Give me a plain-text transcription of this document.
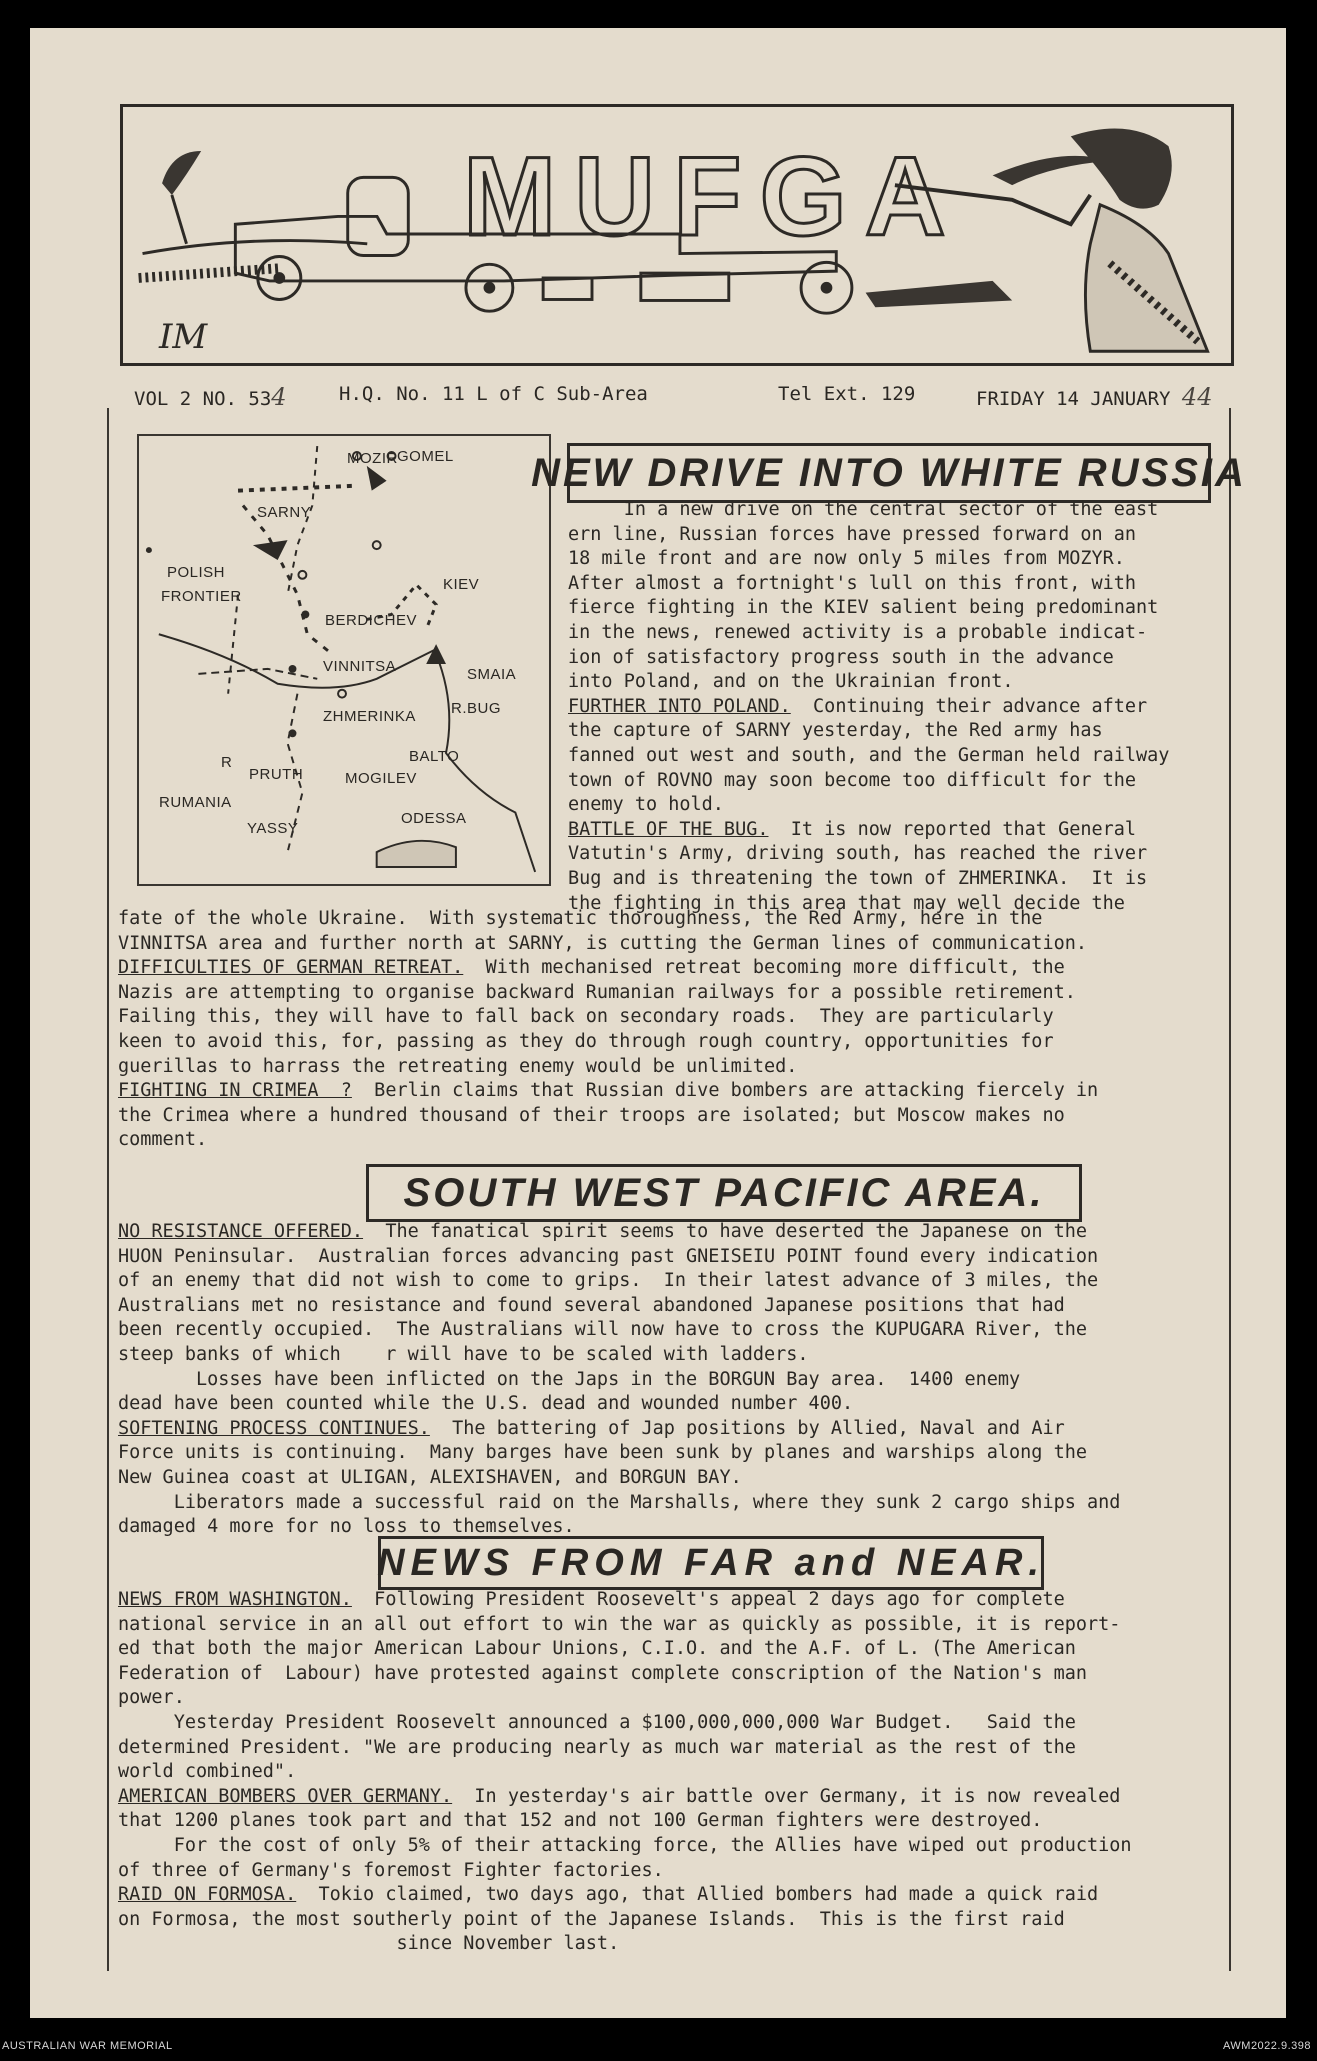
MUFGA
IM
VOL 2 NO. 534	H.Q. No. 11 L of C Sub-Area	Tel Ext. 129	FRIDAY 14 JANUARY 44
MOZIR GOMEL
SARNY
POLISH
FRONTIER
KIEV
BERDICHEV
VINNITSA	SMAIA
ZHMERINKA R.BUG
BALTO
R
PRUTH	MOGILEV
RUMANIA
YASSY
ODESSA
NEW DRIVE INTO WHITE RUSSIA
In a new drive on the central sector of the east
ern line, Russian forces have pressed forward on an
18 mile front and are now only 5 miles from MOZYR.
After almost a fortnight's lull on this front, with
fierce fighting in the KIEV salient being predominant
in the news, renewed activity is a probable indicat-
ion of satisfactory progress south in the advance
into Poland, and on the Ukrainian front.
FURTHER INTO POLAND.  Continuing their advance after
the capture of SARNY yesterday, the Red army has
fanned out west and south, and the German held railway
town of ROVNO may soon become too difficult for the
enemy to hold.
BATTLE OF THE BUG.  It is now reported that General
Vatutin's Army, driving south, has reached the river
Bug and is threatening the town of ZHMERINKA.  It is
the fighting in this area that may well decide the
fate of the whole Ukraine.  With systematic thoroughness, the Red Army, here in the
VINNITSA area and further north at SARNY, is cutting the German lines of communication.
DIFFICULTIES OF GERMAN RETREAT.  With mechanised retreat becoming more difficult, the
Nazis are attempting to organise backward Rumanian railways for a possible retirement.
Failing this, they will have to fall back on secondary roads.  They are particularly
keen to avoid this, for, passing as they do through rough country, opportunities for
guerillas to harrass the retreating enemy would be unlimited.
FIGHTING IN CRIMEA  ?  Berlin claims that Russian dive bombers are attacking fiercely in
the Crimea where a hundred thousand of their troops are isolated; but Moscow makes no
comment.
SOUTH WEST PACIFIC AREA.
NO RESISTANCE OFFERED.  The fanatical spirit seems to have deserted the Japanese on the
HUON Peninsular.  Australian forces advancing past GNEISEIU POINT found every indication
of an enemy that did not wish to come to grips.  In their latest advance of 3 miles, the
Australians met no resistance and found several abandoned Japanese positions that had
been recently occupied.  The Australians will now have to cross the KUPUGARA River, the
steep banks of which    r will have to be scaled with ladders.
Losses have been inflicted on the Japs in the BORGUN Bay area.  1400 enemy
dead have been counted while the U.S. dead and wounded number 400.
SOFTENING PROCESS CONTINUES.  The battering of Jap positions by Allied, Naval and Air
Force units is continuing.  Many barges have been sunk by planes and warships along the
New Guinea coast at ULIGAN, ALEXISHAVEN, and BORGUN BAY.
Liberators made a successful raid on the Marshalls, where they sunk 2 cargo ships and
damaged 4 more for no loss to themselves.
NEWS FROM FAR and NEAR.
NEWS FROM WASHINGTON.  Following President Roosevelt's appeal 2 days ago for complete
national service in an all out effort to win the war as quickly as possible, it is report-
ed that both the major American Labour Unions, C.I.O. and the A.F. of L. (The American
Federation of  Labour) have protested against complete conscription of the Nation's man
power.
Yesterday President Roosevelt announced a $100,000,000,000 War Budget.   Said the
determined President. "We are producing nearly as much war material as the rest of the
world combined".
AMERICAN BOMBERS OVER GERMANY.  In yesterday's air battle over Germany, it is now revealed
that 1200 planes took part and that 152 and not 100 German fighters were destroyed.
For the cost of only 5% of their attacking force, the Allies have wiped out production
of three of Germany's foremost Fighter factories.
RAID ON FORMOSA.  Tokio claimed, two days ago, that Allied bombers had made a quick raid
on Formosa, the most southerly point of the Japanese Islands.  This is the first raid
since November last.
AUSTRALIAN WAR MEMORIAL	AWM2022.9.398
